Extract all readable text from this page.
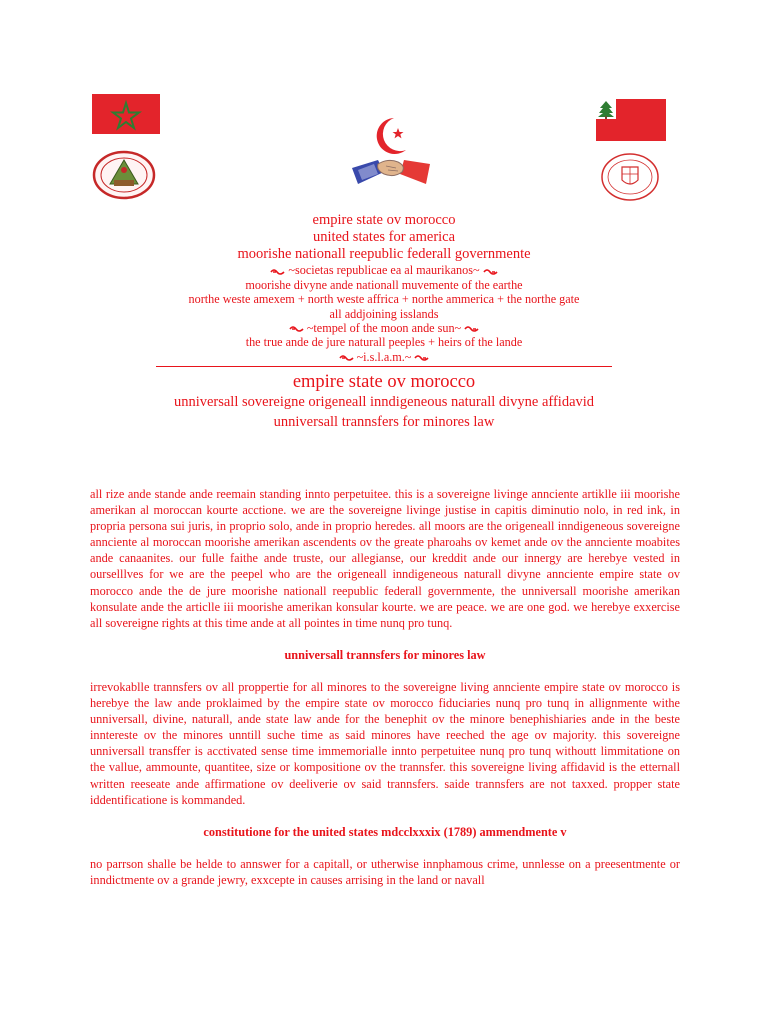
empire state ov morocco

united states for america

moorishe nationall reepublic federall governmente

~societas republicae ea al maurikanos~

moorishe divyne ande nationall muvemente of the earthe

northe weste amexem + north weste affrica + northe ammerica + the northe gate

all addjoining isslands

~tempel of the moon ande sun~

the true ande de jure naturall peeples + heirs of the lande

~i.s.l.a.m.~

empire state ov morocco

unniversall sovereigne origeneall inndigeneous naturall divyne affidavid

unniversall trannsfers for minores law

all rize ande stande ande reemain standing innto perpetuitee. this is a sovereigne livinge annciente artiklle iii moorishe amerikan al moroccan kourte acctione. we are the sovereigne livinge justise in capitis diminutio nolo, in red ink, in propria persona sui juris, in proprio solo, ande in proprio heredes. all moors are the origeneall inndigeneous sovereigne annciente al moroccan moorishe amerikan ascendents ov the greate pharoahs ov kemet ande ov the annciente moabites ande canaanites. our fulle faithe ande truste, our allegianse, our kreddit ande our innergy are herebye vested in ourselllves for we are the peepel who are the origeneall inndigeneous naturall divyne annciente empire state ov morocco ande the de jure moorishe nationall reepublic federall governmente, the unniversall moorishe amerikan konsulate ande the articlle iii moorishe amerikan konsular kourte. we are peace. we are one god. we herebye exxercise all sovereigne rights at this time ande at all pointes in time nunq pro tunq.

unniversall trannsfers for minores law

irrevokablle trannsfers ov all proppertie for all minores to the sovereigne living annciente empire state ov morocco is herebye the law ande proklaimed by the empire state ov morocco fiduciaries nunq pro tunq in allignmente withe unniversall, divine, naturall, ande state law ande for the benephit ov the minore benephishiaries ande in the beste inntereste ov the minores unntill suche time as said minores have reeched the age ov majority. this sovereigne unniversall transffer is acctivated sense time immemorialle innto perpetuitee nunq pro tunq withoutt limmitatione on the vallue, ammounte, quantitee, size or kompositione ov the trannsfer. this sovereigne living affidavid is the etternall written reeseate ande affirmatione ov deeliverie ov said trannsfers. saide trannsfers are not taxxed. propper state iddentificatione is kommanded.

constitutione for the united states mdcclxxxix (1789) ammendmente v

no parrson shalle be helde to annswer for a capitall, or utherwise innphamous crime, unnlesse on a preesentmente or inndictmente ov a grande jewry, exxcepte in causes arrising in the land or navall
